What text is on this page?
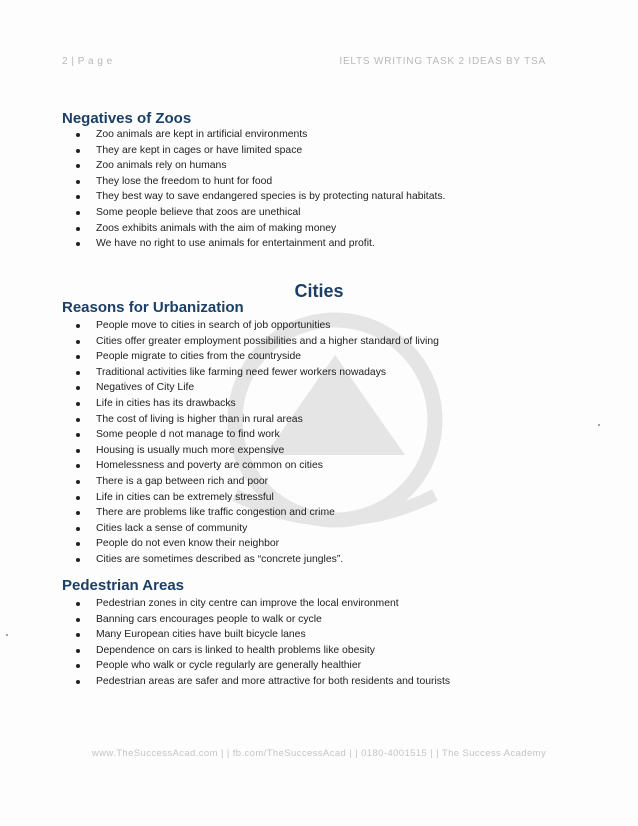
2 | P a g e	IELTS WRITING TASK 2 IDEAS BY TSA
Negatives of Zoos
Zoo animals are kept in artificial environments
They are kept in cages or have limited space
Zoo animals rely on humans
They lose the freedom to hunt for food
They best way to save endangered species is by protecting natural habitats.
Some people believe that zoos are unethical
Zoos exhibits animals with the aim of making money
We have no right to use animals for entertainment and profit.
Cities
Reasons for Urbanization
People move to cities in search of job opportunities
Cities offer greater employment possibilities and a higher standard of living
People migrate to cities from the countryside
Traditional activities like farming need fewer workers nowadays
Negatives of City Life
Life in cities has its drawbacks
The cost of living is higher than in rural areas
Some people d not manage to find work
Housing is usually much more expensive
Homelessness and poverty are common on cities
There is a gap between rich and poor
Life in cities can be extremely stressful
There are problems like traffic congestion and crime
Cities lack a sense of community
People do not even know their neighbor
Cities are sometimes described as “concrete jungles”.
Pedestrian Areas
Pedestrian zones in city centre can improve the local environment
Banning cars encourages people to walk or cycle
Many European cities have built bicycle lanes
Dependence on cars is linked to health problems like obesity
People who walk or cycle regularly are generally healthier
Pedestrian areas are safer and more attractive for both residents and tourists
www.TheSuccessAcad.com | | fb.com/TheSuccessAcad | | 0180-4001515 | | The Success Academy
